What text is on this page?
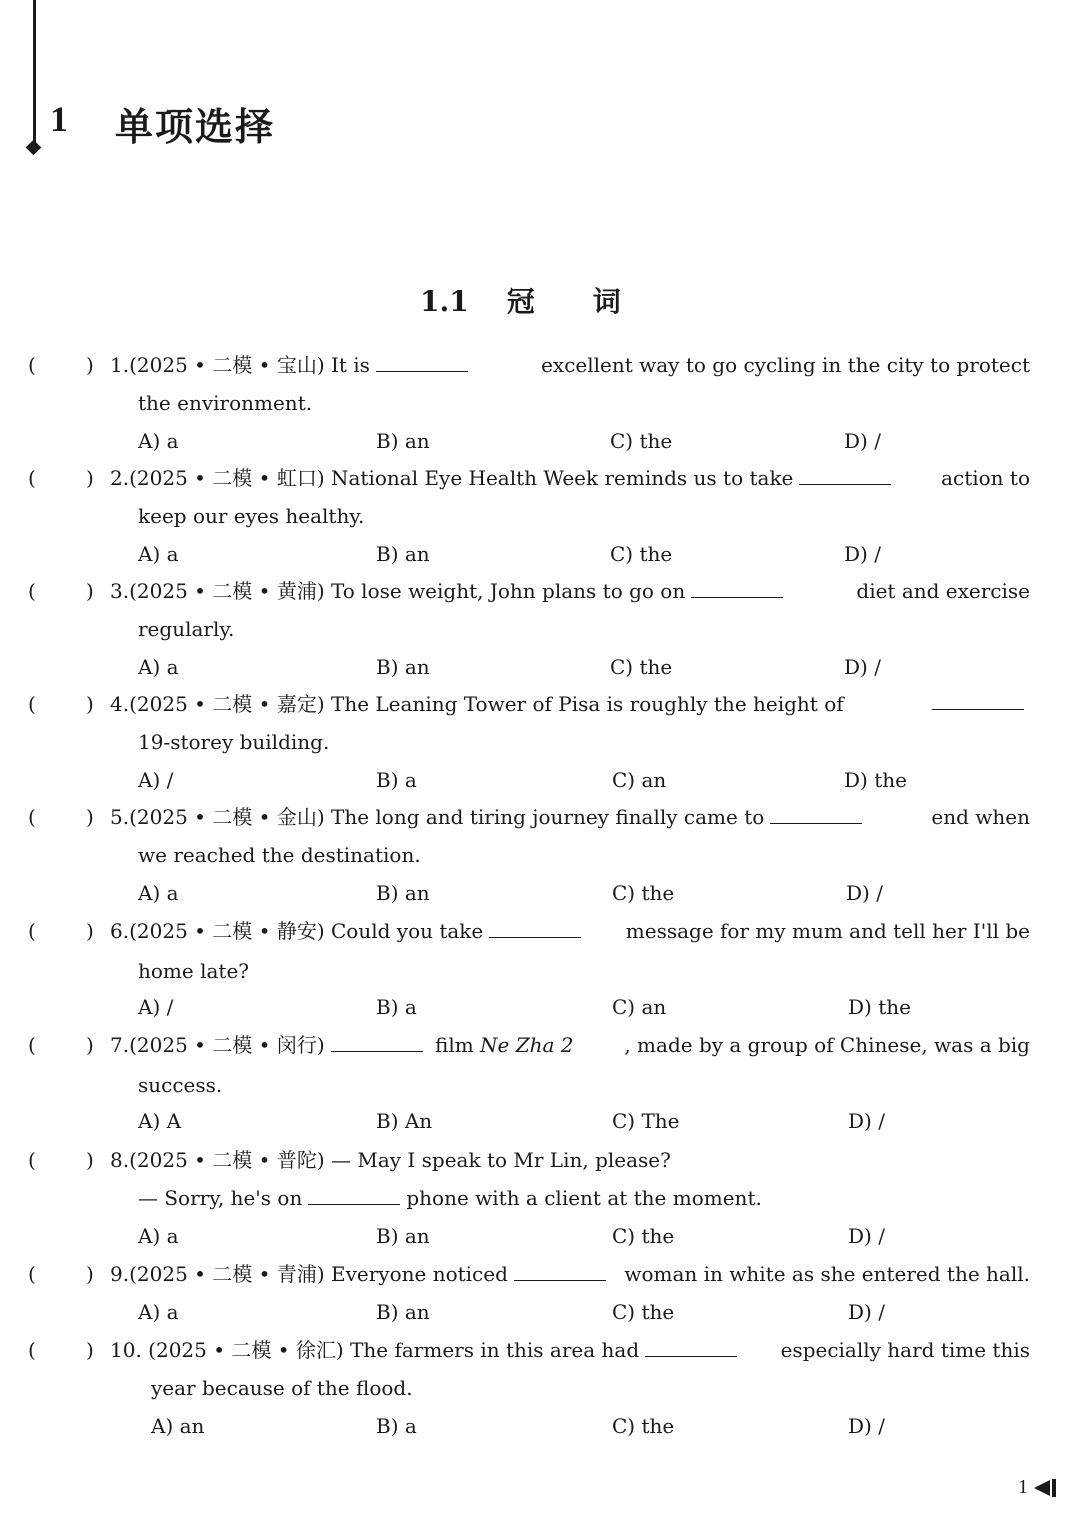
1 单项选择
1.1 冠 词
(	) 1.(2025 • 二模 • 宝山) It is	excellent way to go cycling in the city to protect
the environment.
A) a	B) an	C) the	D) /
(	) 2.(2025 • 二模 • 虹口) National Eye Health Week reminds us to take	action to
keep our eyes healthy.
A) a	B) an	C) the	D) /
(	) 3.(2025 • 二模 • 黄浦) To lose weight, John plans to go on	diet and exercise
regularly.
A) a	B) an	C) the	D) /
(	) 4.(2025 • 二模 • 嘉定) The Leaning Tower of Pisa is roughly the height of
19-storey building.
A) /	B) a	C) an	D) the
(	) 5.(2025 • 二模 • 金山) The long and tiring journey finally came to	end when
we reached the destination.
A) a	B) an	C) the	D) /
(	) 6.(2025 • 二模 • 静安) Could you take	message for my mum and tell her I'll be
home late?
A) /	B) a	C) an	D) the
(	) 7.(2025 • 二模 • 闵行)	film Ne Zha 2	, made by a group of Chinese, was a big
success.
A) A	B) An	C) The	D) /
(	) 8.(2025 • 二模 • 普陀) — May I speak to Mr Lin, please?
— Sorry, he's on	phone with a client at the moment.
A) a	B) an	C) the	D) /
(	) 9.(2025 • 二模 • 青浦) Everyone noticed	woman in white as she entered the hall.
A) a	B) an	C) the	D) /
(	) 10. (2025 • 二模 • 徐汇) The farmers in this area had	especially hard time this
year because of the flood.
A) an	B) a	C) the	D) /
1
